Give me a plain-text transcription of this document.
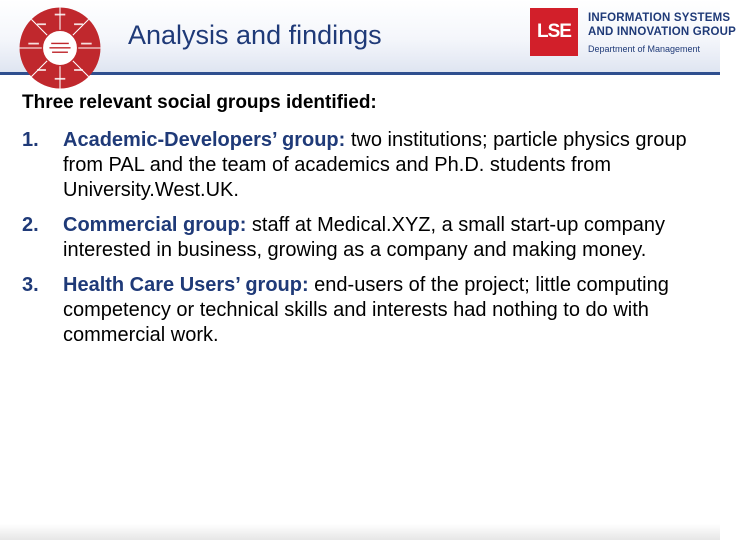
Analysis and findings	LSE
INFORMATION SYSTEMS
AND INNOVATION GROUP
Department of Management
Three relevant social groups identified:
1. Academic-Developers’ group: two institutions; particle physics group from PAL and the team of academics and Ph.D. students from University.West.UK.
2. Commercial group: staff at Medical.XYZ, a small start-up company interested in business, growing as a company and making money.
3. Health Care Users’ group: end-users of the project; little computing competency or technical skills and interests had nothing to do with commercial work.
